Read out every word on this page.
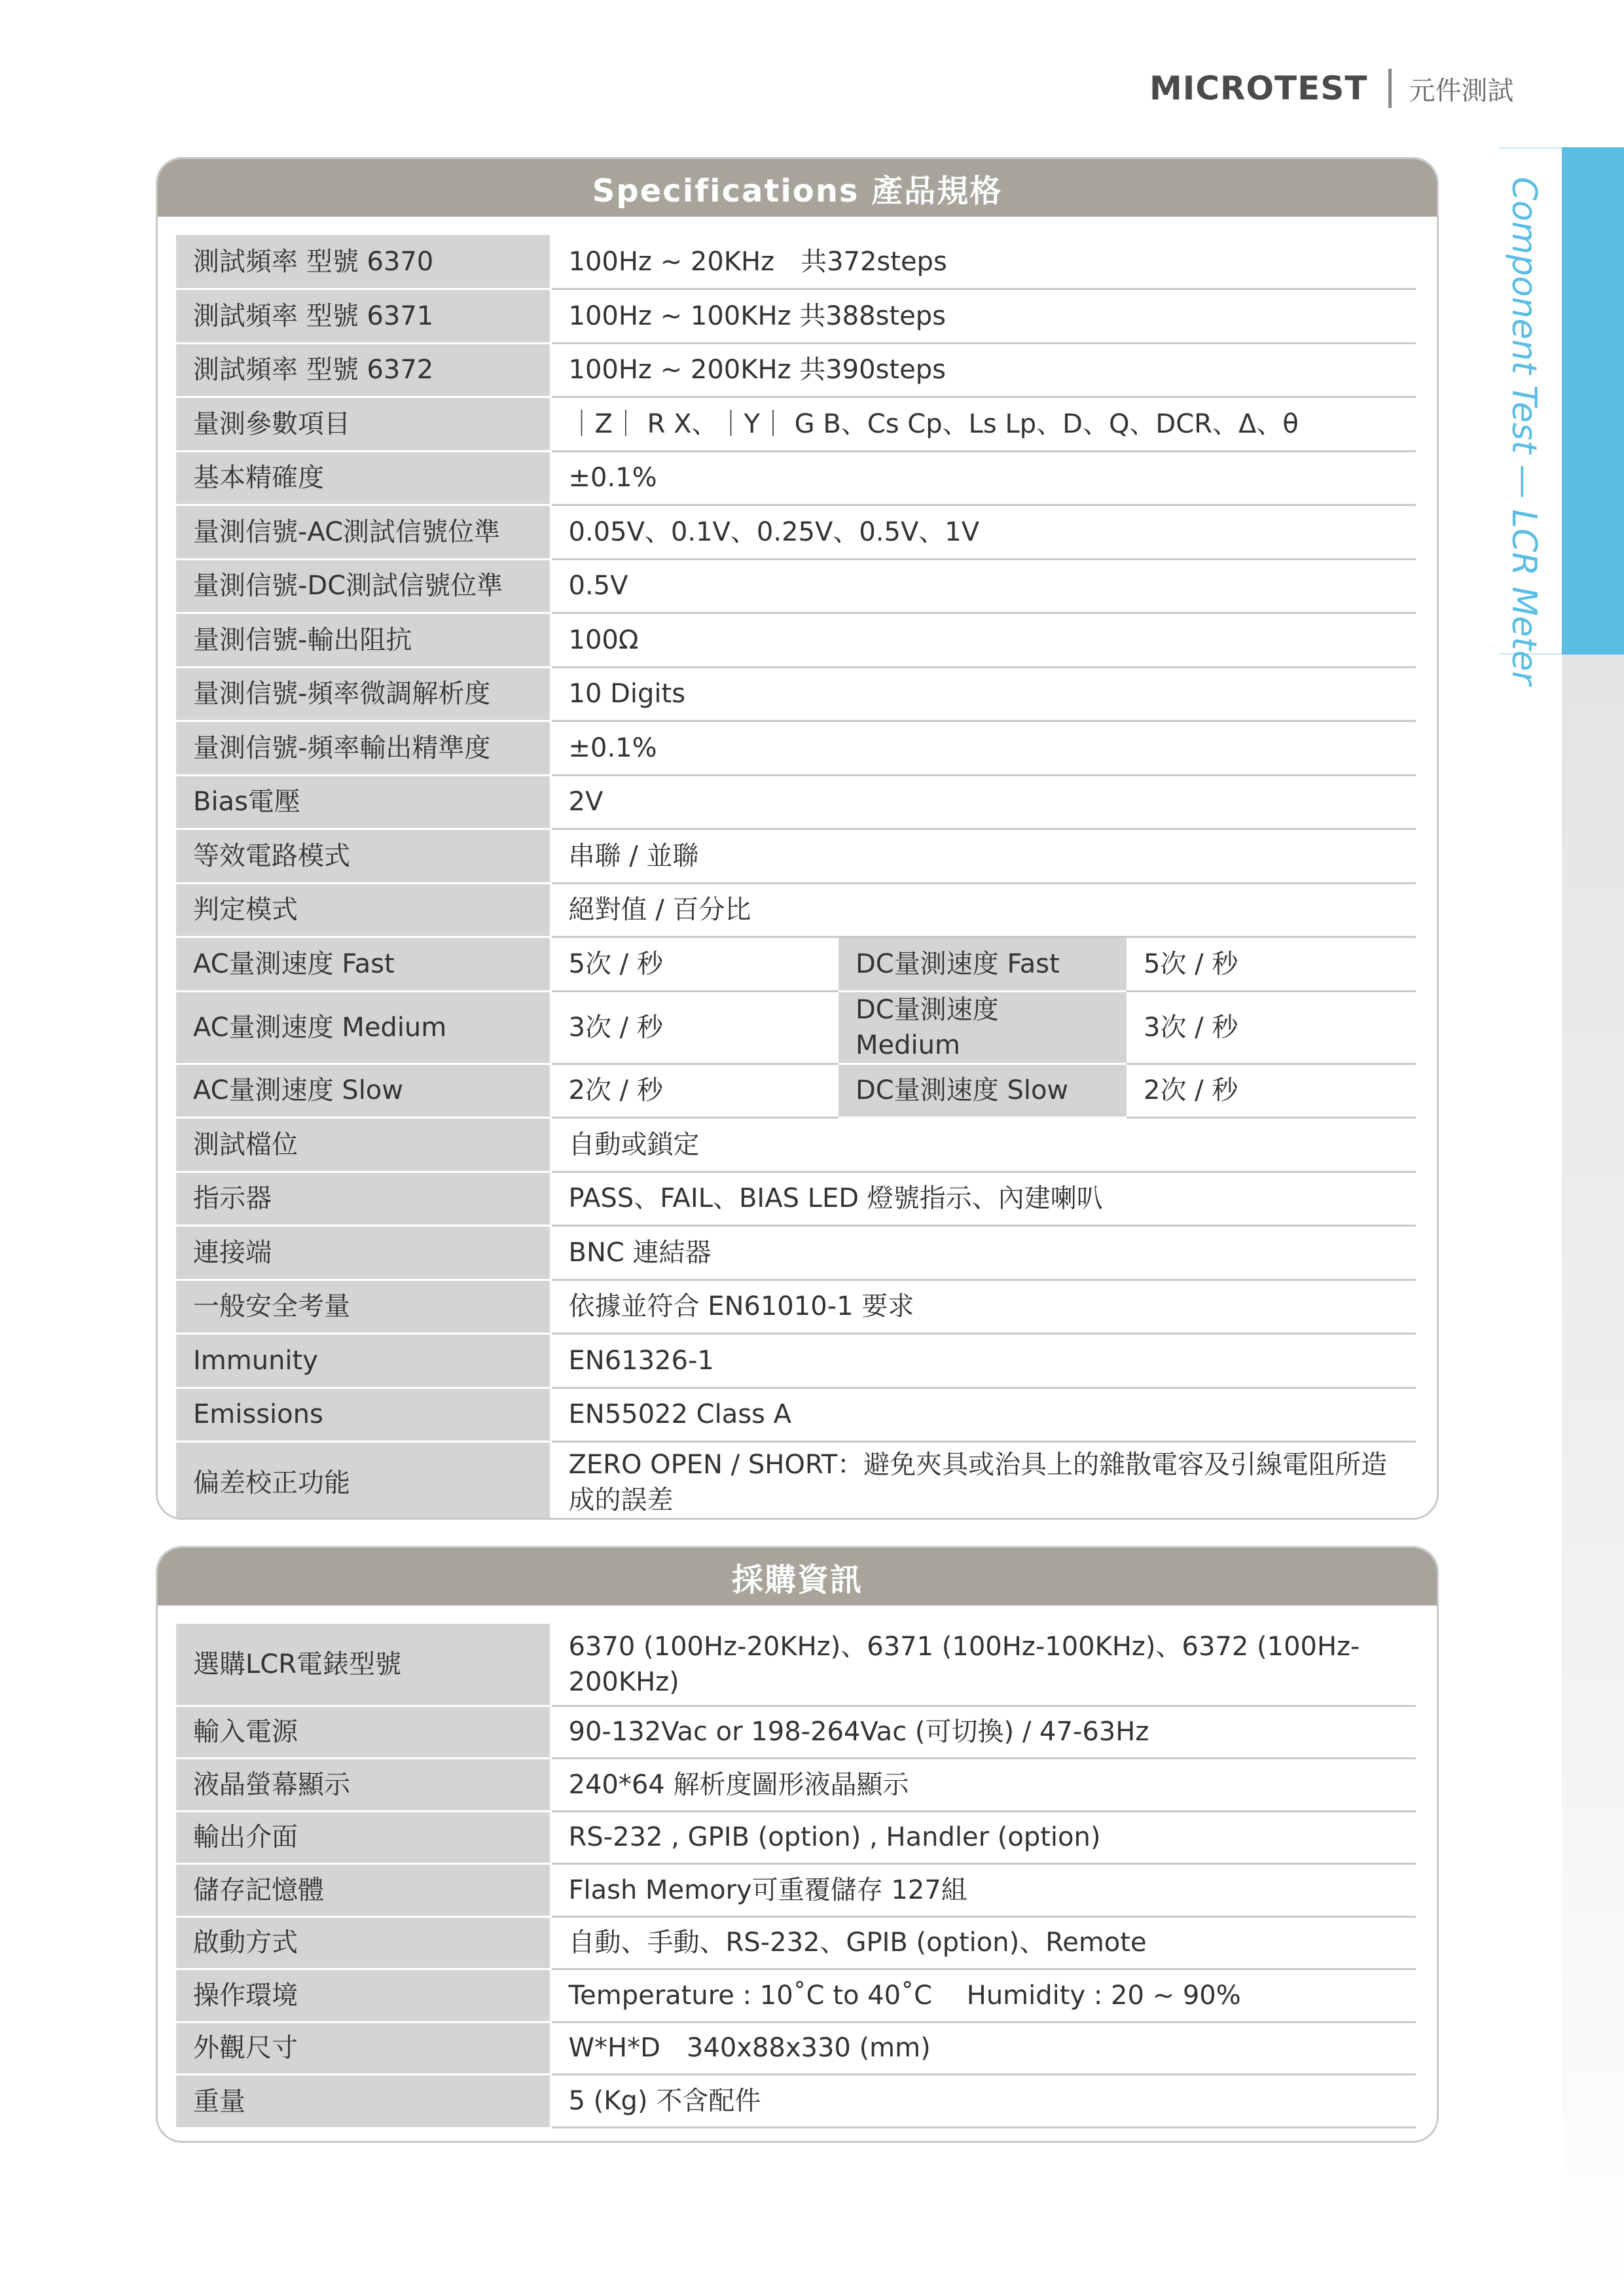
MICROTEST 元件測試
Component Test — LCR Meter
Specifications 產品規格
測試頻率 型號 6370	100Hz ~ 20KHz　共372steps		
測試頻率 型號 6371	100Hz ~ 100KHz 共388steps		
測試頻率 型號 6372	100Hz ~ 200KHz 共390steps		
量測參數項目	｜Z｜ R X、｜Y｜ G B、Cs Cp、Ls Lp、D、Q、DCR、Δ、θ		
基本精確度	±0.1%		
量測信號-AC測試信號位準	0.05V、0.1V、0.25V、0.5V、1V		
量測信號-DC測試信號位準	0.5V		
量測信號-輸出阻抗	100Ω		
量測信號-頻率微調解析度	10 Digits		
量測信號-頻率輸出精準度	±0.1%		
Bias電壓	2V		
等效電路模式	串聯 / 並聯		
判定模式	絕對值 / 百分比		
AC量測速度 Fast	5次 / 秒	DC量測速度 Fast	5次 / 秒
AC量測速度 Medium	3次 / 秒	DC量測速度 Medium	3次 / 秒
AC量測速度 Slow	2次 / 秒	DC量測速度 Slow	2次 / 秒
測試檔位	自動或鎖定		
指示器	PASS、FAIL、BIAS LED 燈號指示、內建喇叭		
連接端	BNC 連結器		
一般安全考量	依據並符合 EN61010-1 要求		
Immunity	EN61326-1		
Emissions	EN55022 Class A		
偏差校正功能	ZERO OPEN / SHORT：避免夾具或治具上的雜散電容及引線電阻所造成的誤差		
採購資訊
選購LCR電錶型號	6370 (100Hz-20KHz)、6371 (100Hz-100KHz)、6372 (100Hz-200KHz)
輸入電源	90-132Vac or 198-264Vac (可切換) / 47-63Hz
液晶螢幕顯示	240*64 解析度圖形液晶顯示
輸出介面	RS-232 , GPIB (option) , Handler (option)
儲存記憶體	Flash Memory可重覆儲存 127組
啟動方式	自動、手動、RS-232、GPIB (option)、Remote
操作環境	Temperature : 10˚C to 40˚C　 Humidity : 20 ~ 90%
外觀尺寸	W*H*D　340x88x330 (mm)
重量	5 (Kg) 不含配件
